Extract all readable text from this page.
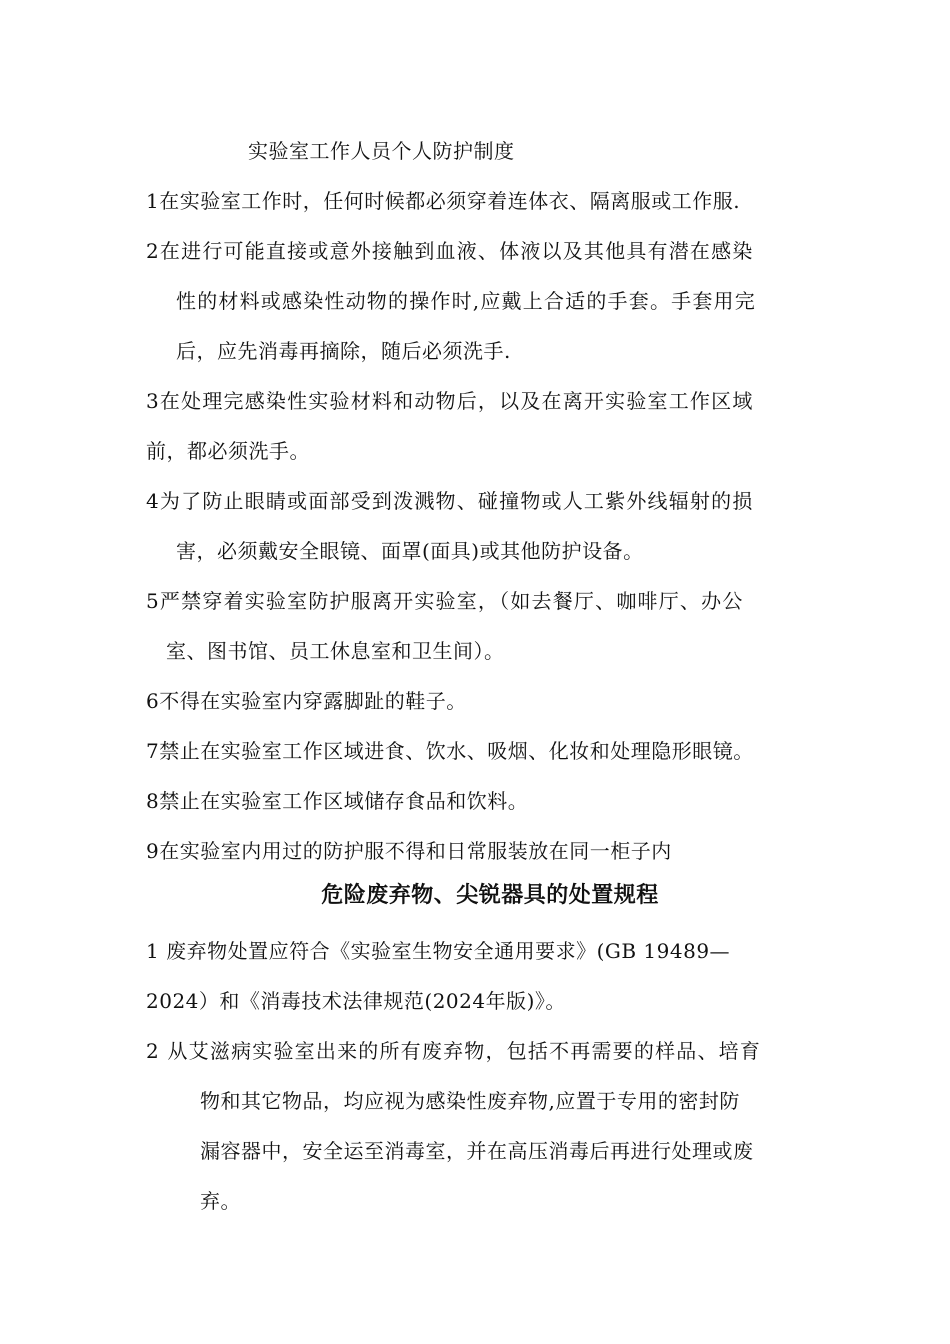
实验室工作人员个人防护制度
1在实验室工作时，任何时候都必须穿着连体衣、隔离服或工作服.
2在进行可能直接或意外接触到血液、体液以及其他具有潜在感染
性的材料或感染性动物的操作时,应戴上合适的手套。手套用完
后，应先消毒再摘除，随后必须洗手.
3在处理完感染性实验材料和动物后，以及在离开实验室工作区域
前，都必须洗手。
4为了防止眼睛或面部受到泼溅物、碰撞物或人工紫外线辐射的损
害，必须戴安全眼镜、面罩(面具)或其他防护设备。
5严禁穿着实验室防护服离开实验室，（如去餐厅、咖啡厅、办公
室、图书馆、员工休息室和卫生间）。
6不得在实验室内穿露脚趾的鞋子。
7禁止在实验室工作区域进食、饮水、吸烟、化妆和处理隐形眼镜。
8禁止在实验室工作区域储存食品和饮料。
9在实验室内用过的防护服不得和日常服装放在同一柜子内
危险废弃物、尖锐器具的处置规程
1 废弃物处置应符合《实验室生物安全通用要求》(GB 19489—
2024）和《消毒技术法律规范(2024年版)》。
2 从艾滋病实验室出来的所有废弃物，包括不再需要的样品、培育
物和其它物品，均应视为感染性废弃物,应置于专用的密封防
漏容器中，安全运至消毒室，并在高压消毒后再进行处理或废
弃。
